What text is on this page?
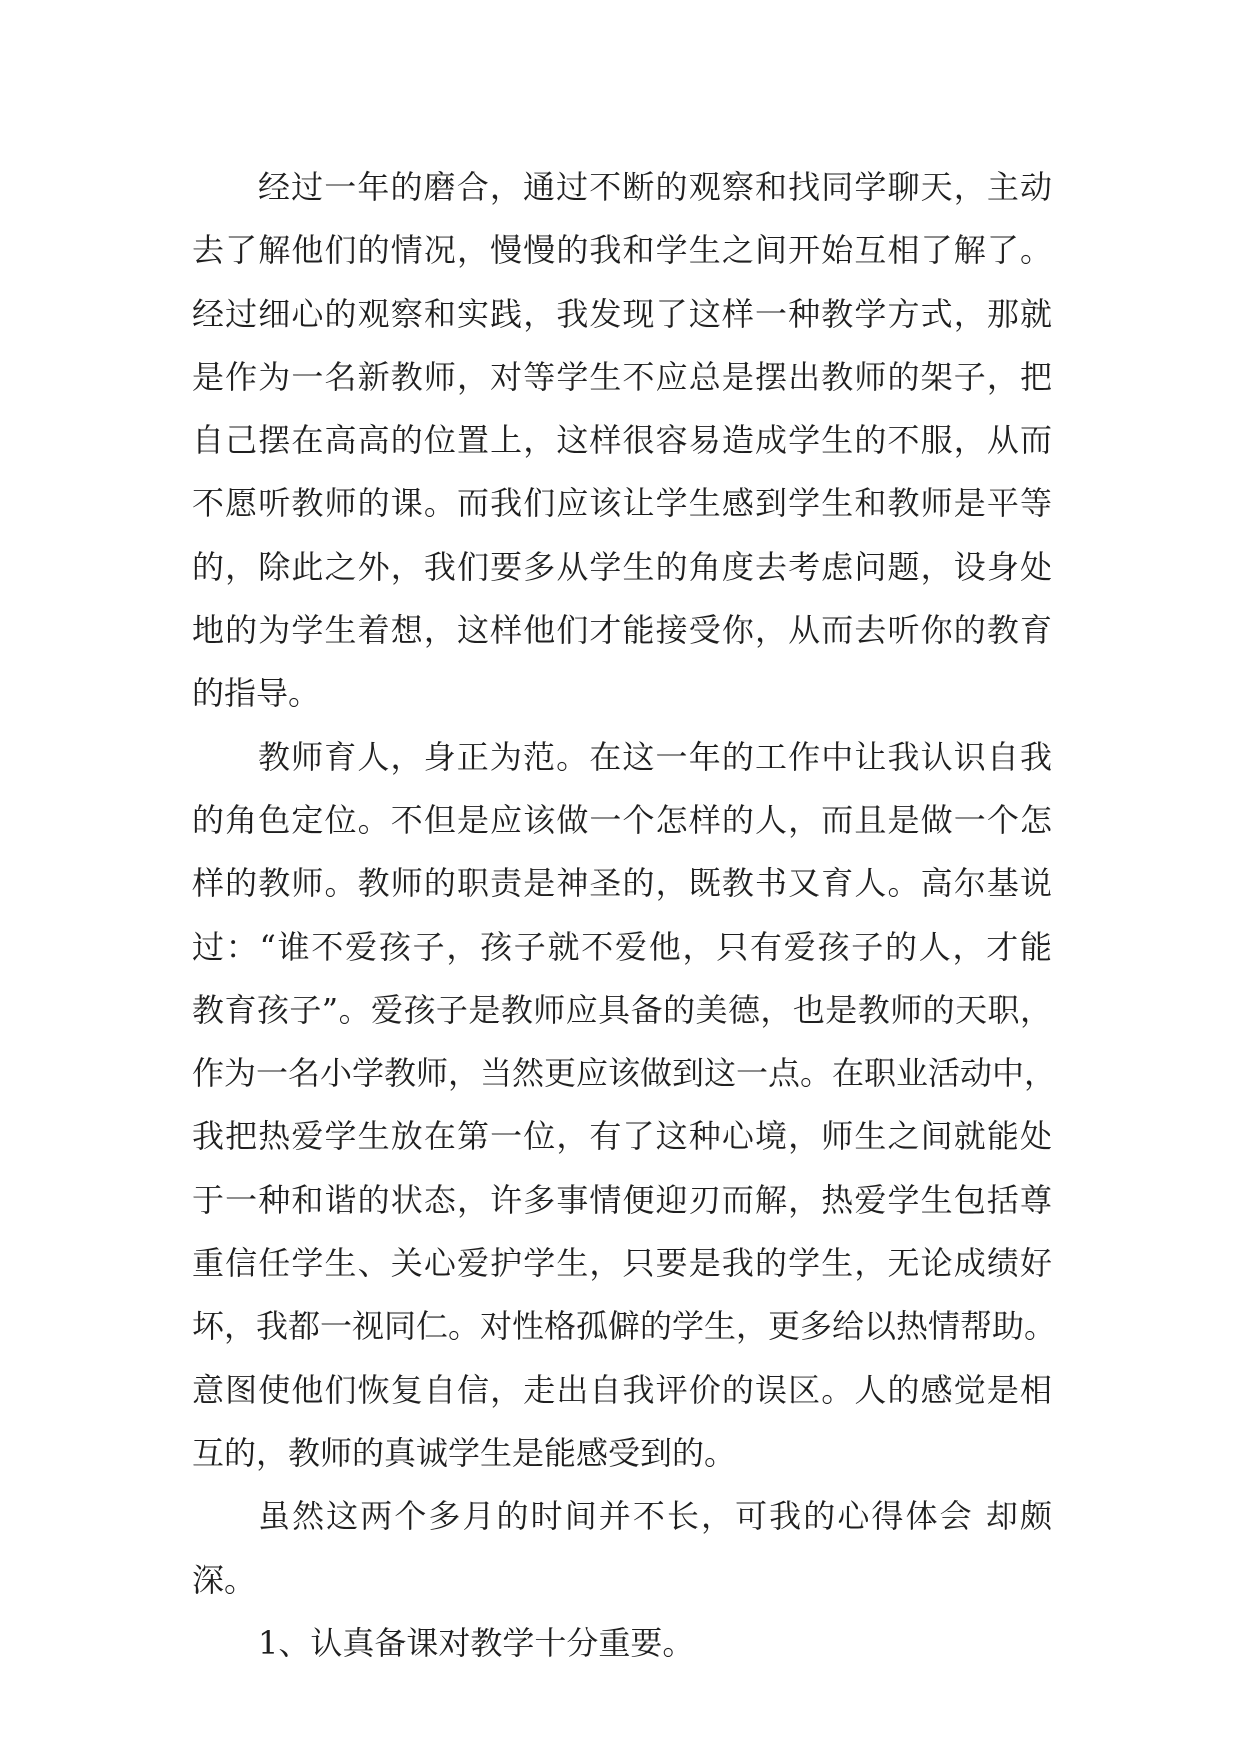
经过一年的磨合，通过不断的观察和找同学聊天，主动
去了解他们的情况，慢慢的我和学生之间开始互相了解了。
经过细心的观察和实践，我发现了这样一种教学方式，那就
是作为一名新教师，对等学生不应总是摆出教师的架子，把
自己摆在高高的位置上，这样很容易造成学生的不服，从而
不愿听教师的课。而我们应该让学生感到学生和教师是平等
的，除此之外，我们要多从学生的角度去考虑问题，设身处
地的为学生着想，这样他们才能接受你，从而去听你的教育
的指导。
教师育人，身正为范。在这一年的工作中让我认识自我
的角色定位。不但是应该做一个怎样的人，而且是做一个怎
样的教师。教师的职责是神圣的，既教书又育人。高尔基说
过：“谁不爱孩子，孩子就不爱他，只有爱孩子的人，才能
教育孩子”。爱孩子是教师应具备的美德，也是教师的天职，
作为一名小学教师，当然更应该做到这一点。在职业活动中，
我把热爱学生放在第一位，有了这种心境，师生之间就能处
于一种和谐的状态，许多事情便迎刃而解，热爱学生包括尊
重信任学生、关心爱护学生，只要是我的学生，无论成绩好
坏，我都一视同仁。对性格孤僻的学生，更多给以热情帮助。
意图使他们恢复自信，走出自我评价的误区。人的感觉是相
互的，教师的真诚学生是能感受到的。
虽然这两个多月的时间并不长，可我的心得体会 却颇
深。
1、认真备课对教学十分重要。
